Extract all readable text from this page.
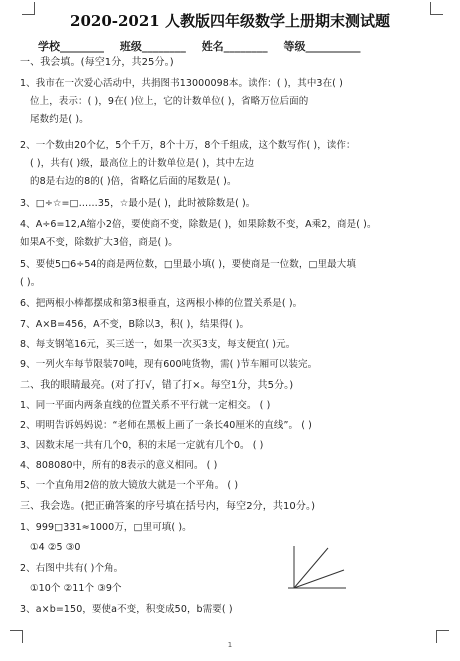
2020-2021 人教版四年级数学上册期末测试题
学校________ 班级________ 姓名________ 等级__________
一、我会填。(每空1分，共25分。)
1、我市在一次爱心活动中，共捐图书13000098本。读作：( )，其中3在( )
位上，表示：( )，9在( )位上，它的计数单位( )，省略万位后面的
尾数约是( )。
2、一个数由20个亿，5个千万，8个十万，8个千组成，这个数写作( )，读作：
( )，共有( )级，最高位上的计数单位是( )，其中左边
的8是右边的8的( )倍，省略亿后面的尾数是( )。
3、□÷☆=□……35，☆最小是( )，此时被除数是( )。
4、A÷6=12,A缩小2倍，要使商不变，除数是( )，如果除数不变，A乘2，商是( )。
如果A不变，除数扩大3倍，商是( )。
5、要使5□6÷54的商是两位数，□里最小填( )，要使商是一位数，□里最大填
( )。
6、把两根小棒都摆成和第3根垂直，这两根小棒的位置关系是( )。
7、A×B=456，A不变，B除以3，积( )，结果得( )。
8、每支钢笔16元，买三送一，如果一次买3支，每支便宜( )元。
9、一列火车每节限装70吨，现有600吨货物，需( )节车厢可以装完。
二、我的眼睛最亮。(对了打√，错了打×。每空1分，共5分。)
1、同一平面内两条直线的位置关系不平行就一定相交。 ( )
2、明明告诉妈妈说：“老师在黑板上画了一条长40厘米的直线”。 ( )
3、因数末尾一共有几个0，积的末尾一定就有几个0。 ( )
4、808080中，所有的8表示的意义相同。 ( )
5、一个直角用2倍的放大镜放大就是一个平角。 ( )
三、我会选。(把正确答案的序号填在括号内，每空2分，共10分。)
1、999□331≈1000万，□里可填( )。
①4 ②5 ③0
2、右图中共有( )个角。
①10个 ②11个 ③9个
3、a×b=150，要使a不变，积变成50，b需要( )
1
